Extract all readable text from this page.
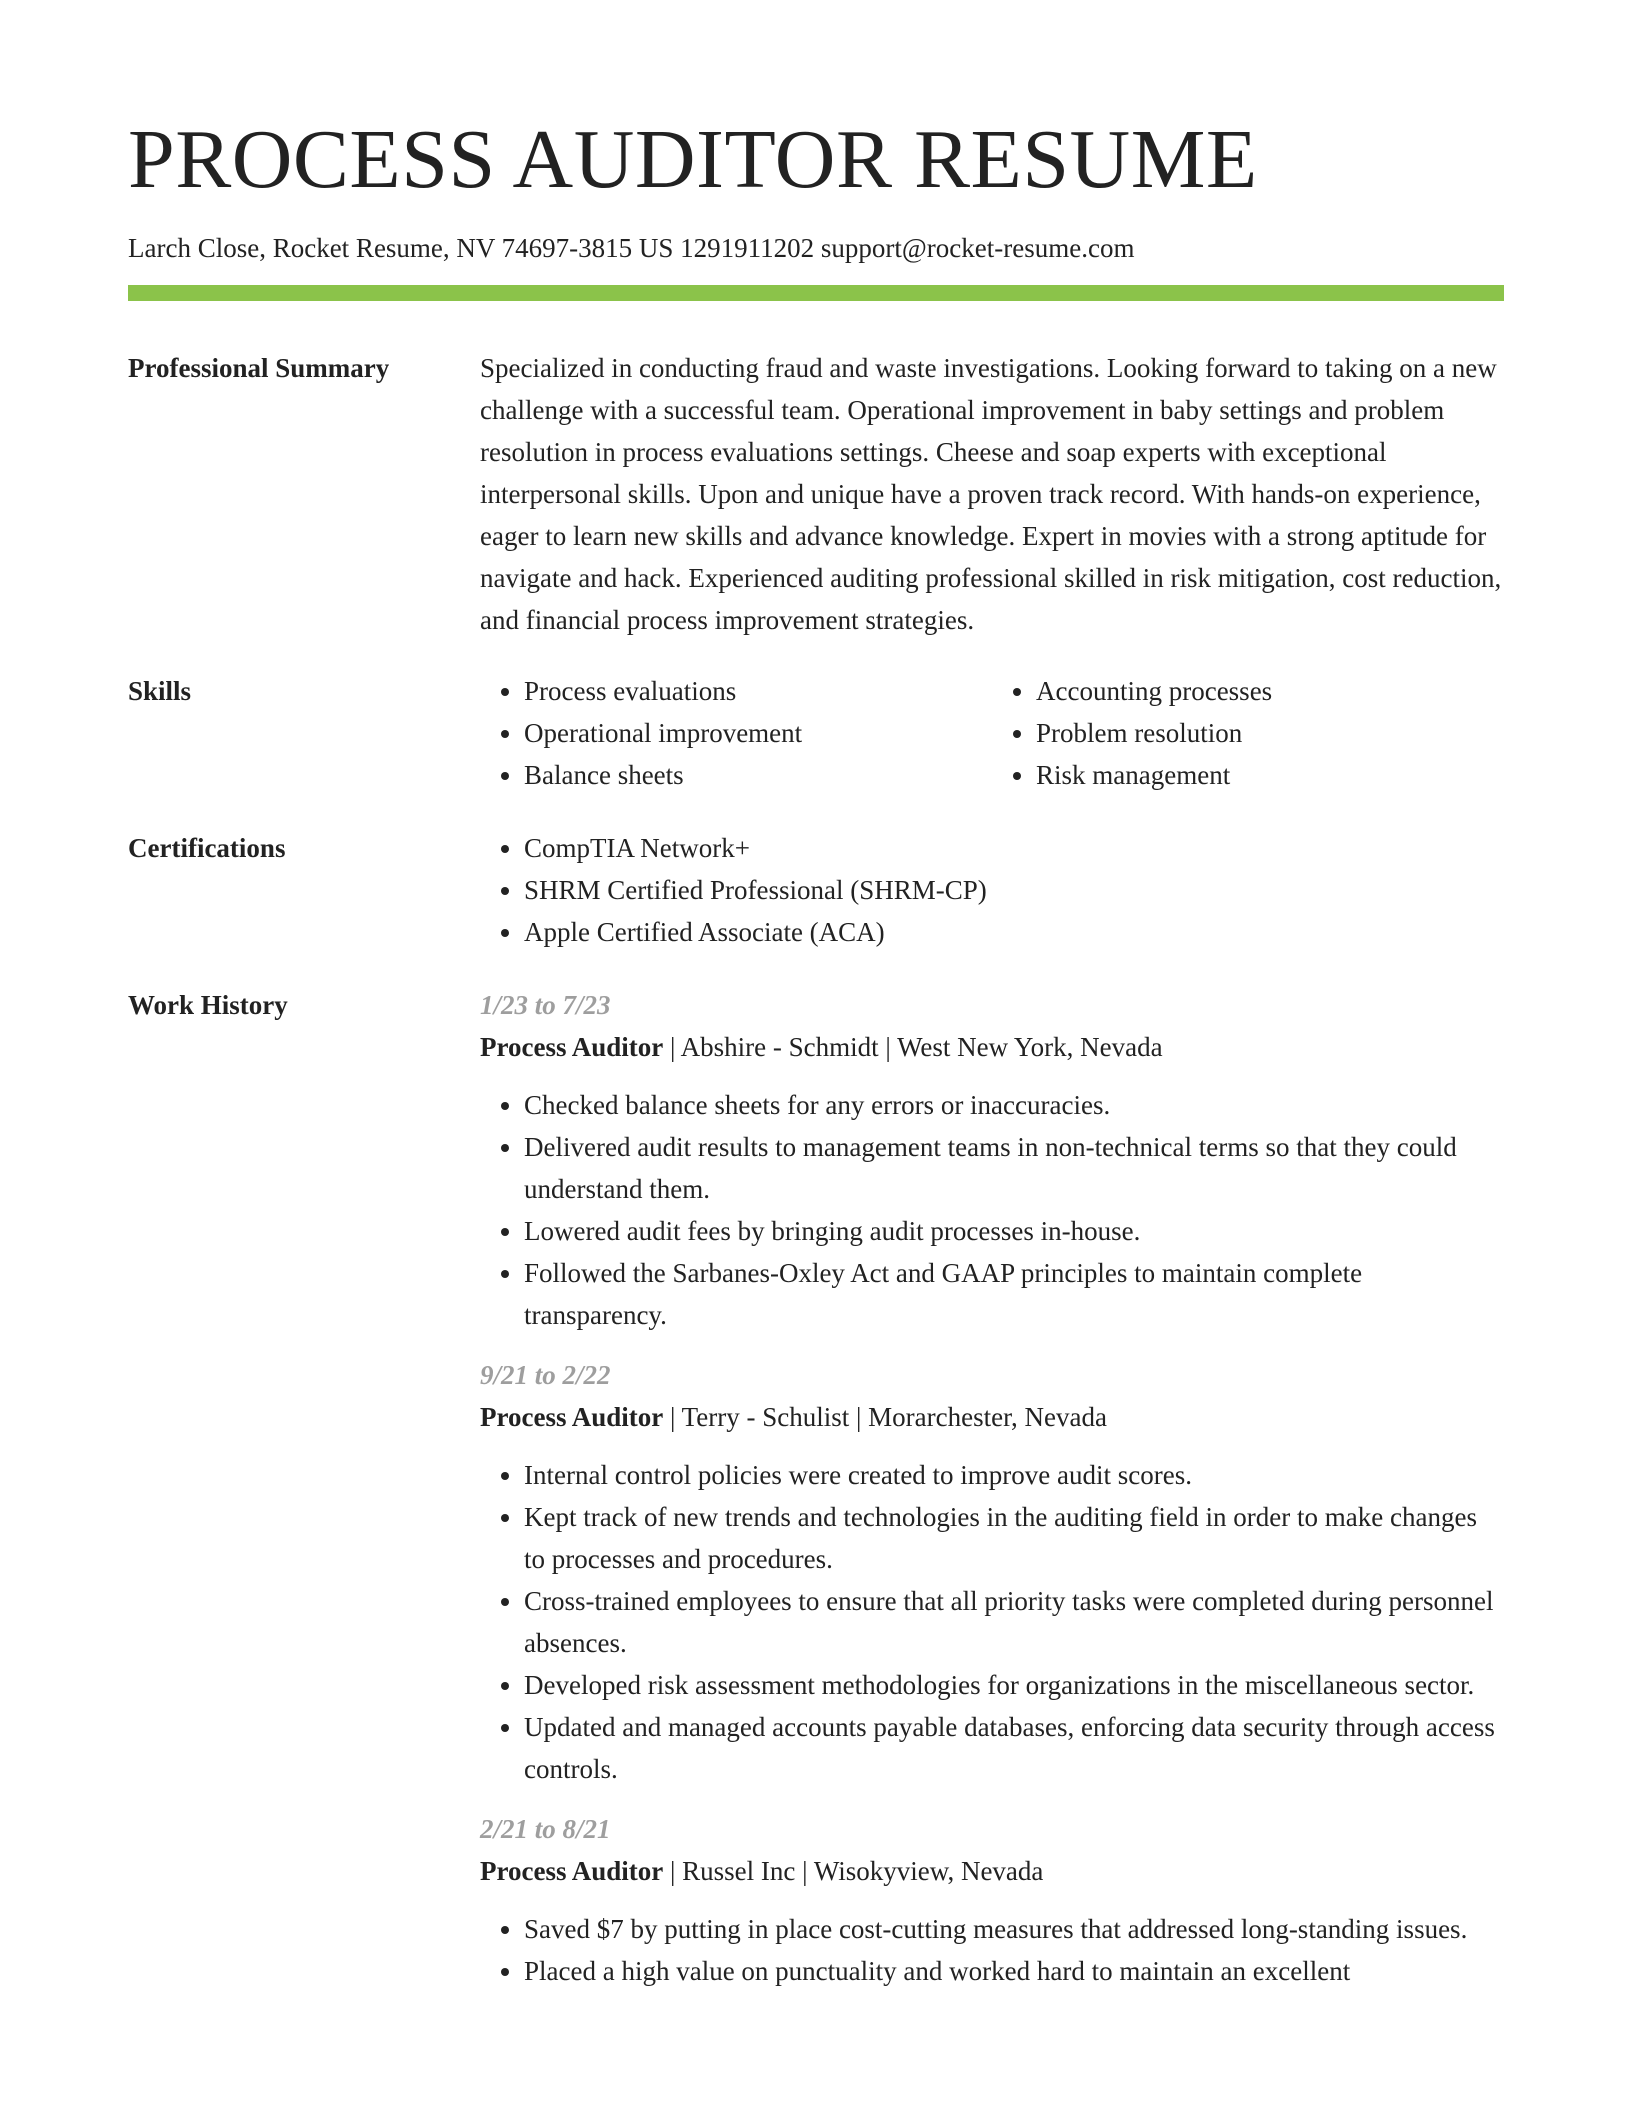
PROCESS AUDITOR RESUME
Larch Close, Rocket Resume, NV 74697-3815 US 1291911202 support@rocket-resume.com
Professional Summary	Specialized in conducting fraud and waste investigations. Looking forward to taking on a new challenge with a successful team. Operational improvement in baby settings and problem resolution in process evaluations settings. Cheese and soap experts with exceptional interpersonal skills. Upon and unique have a proven track record. With hands-on experience, eager to learn new skills and advance knowledge. Expert in movies with a strong aptitude for navigate and hack. Experienced auditing professional skilled in risk mitigation, cost reduction, and financial process improvement strategies.

Skills	• Process evaluations
• Operational improvement
• Balance sheets
• Accounting processes
• Problem resolution
• Risk management
Certifications	• CompTIA Network+
• SHRM Certified Professional (SHRM-CP)
• Apple Certified Associate (ACA)
Work History	1/23 to 7/23
Process Auditor | Abshire - Schmidt | West New York, Nevada
• Checked balance sheets for any errors or inaccuracies.
• Delivered audit results to management teams in non-technical terms so that they could understand them.
• Lowered audit fees by bringing audit processes in-house.
• Followed the Sarbanes-Oxley Act and GAAP principles to maintain complete transparency.
9/21 to 2/22
Process Auditor | Terry - Schulist | Morarchester, Nevada
• Internal control policies were created to improve audit scores.
• Kept track of new trends and technologies in the auditing field in order to make changes to processes and procedures.
• Cross-trained employees to ensure that all priority tasks were completed during personnel absences.
• Developed risk assessment methodologies for organizations in the miscellaneous sector.
• Updated and managed accounts payable databases, enforcing data security through access controls.
2/21 to 8/21
Process Auditor | Russel Inc | Wisokyview, Nevada
• Saved $7 by putting in place cost-cutting measures that addressed long-standing issues.
• Placed a high value on punctuality and worked hard to maintain an excellent
